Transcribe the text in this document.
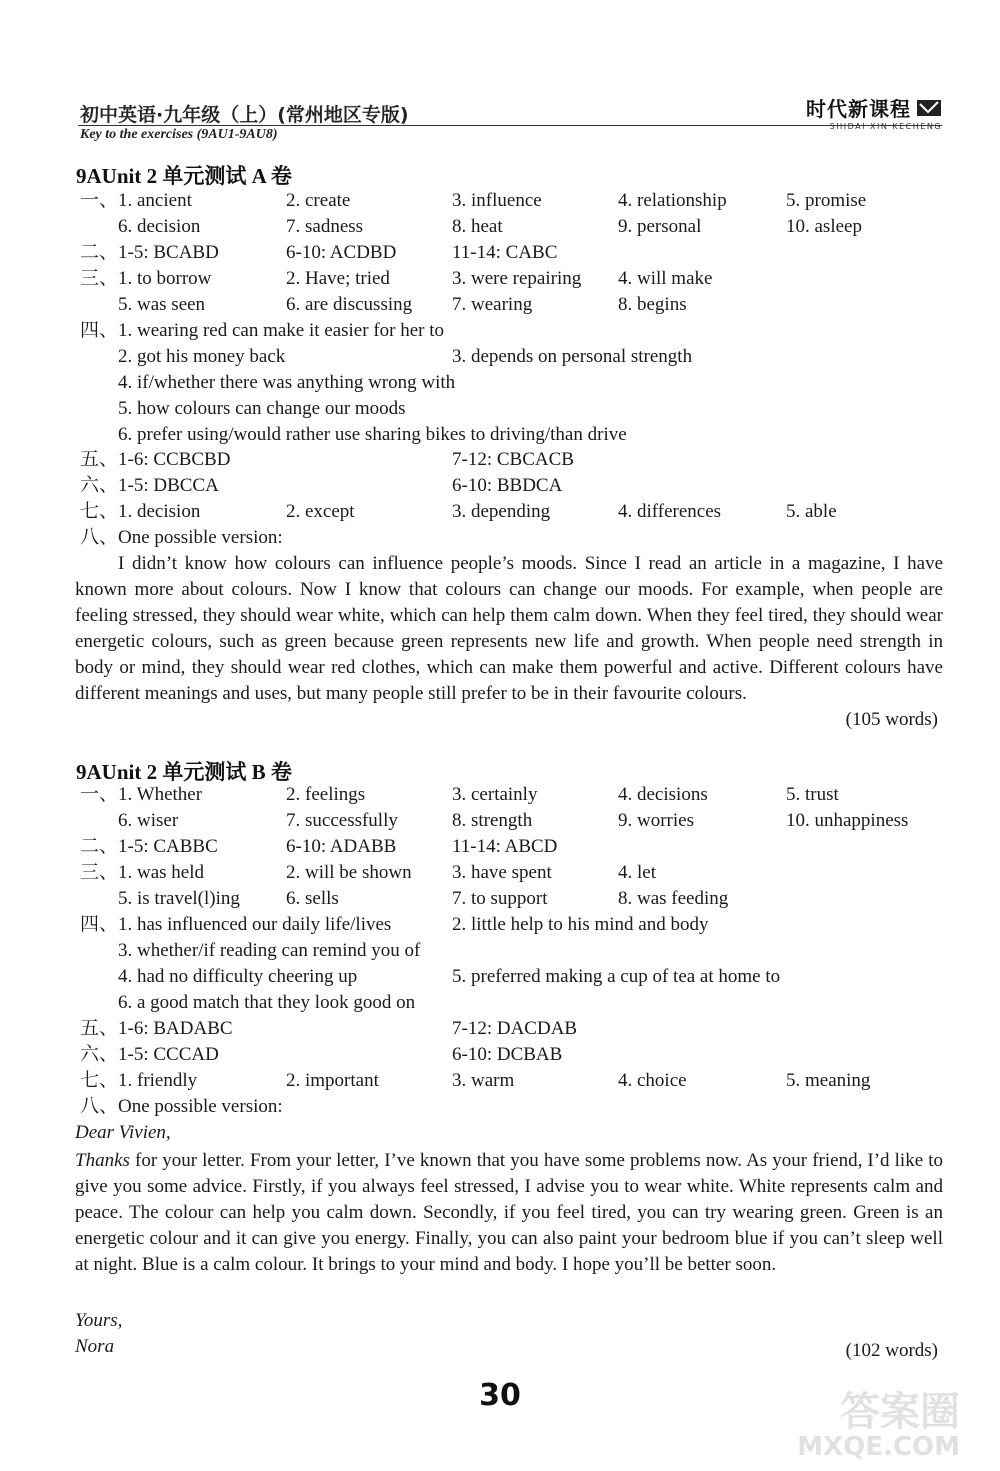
初中英语·九年级（上）(常州地区专版)
Key to the exercises (9AU1-9AU8)
时代新课程
SHIDAI XIN KECHENG
9AUnit 2 单元测试 A 卷
一、 1. ancient	2. create	3. influence	4. relationship	5. promise
6. decision	7. sadness	8. heat	9. personal	10. asleep
二、 1-5: BCABD	6-10: ACDBD	11-14: CABC
三、 1. to borrow	2. Have; tried	3. were repairing 4. will make
5. was seen	6. are discussing 7. wearing	8. begins
四、 1. wearing red can make it easier for her to
2. got his money back	3. depends on personal strength
4. if/whether there was anything wrong with
5. how colours can change our moods
6. prefer using/would rather use sharing bikes to driving/than drive
五、 1-6: CCBCBD	7-12: CBCACB
六、 1-5: DBCCA	6-10: BBDCA
七、 1. decision	2. except	3. depending	4. differences	5. able
八、 One possible version:

I didn’t know how colours can influence people’s moods. Since I read an article in a magazine, I have known more about colours. Now I know that colours can change our moods. For example, when people are feeling stressed, they should wear white, which can help them calm down. When they feel tired, they should wear energetic colours, such as green because green represents new life and growth. When people need strength in body or mind, they should wear red clothes, which can make them powerful and active. Different colours have different meanings and uses, but many people still prefer to be in their favourite colours.

(105 words)
9AUnit 2 单元测试 B 卷
一、 1. Whether	2. feelings	3. certainly	4. decisions	5. trust
6. wiser	7. successfully	8. strength	9. worries	10. unhappiness
二、 1-5: CABBC	6-10: ADABB	11-14: ABCD
三、 1. was held	2. will be shown 3. have spent	4. let
5. is travel(l)ing 6. sells	7. to support	8. was feeding
四、 1. has influenced our daily life/lives	2. little help to his mind and body
3. whether/if reading can remind you of
4. had no difficulty cheering up	5. preferred making a cup of tea at home to
6. a good match that they look good on
五、 1-6: BADABC	7-12: DACDAB
六、 1-5: CCCAD	6-10: DCBAB
七、 1. friendly	2. important	3. warm	4. choice	5. meaning
八、 One possible version:
Dear Vivien,

Thanks for your letter. From your letter, I’ve known that you have some problems now. As your friend, I’d like to give you some advice. Firstly, if you always feel stressed, I advise you to wear white. White represents calm and peace. The colour can help you calm down. Secondly, if you feel tired, you can try wearing green. Green is an energetic colour and it can give you energy. Finally, you can also paint your bedroom blue if you can’t sleep well at night. Blue is a calm colour. It brings to your mind and body. I hope you’ll be better soon.

Yours,
Nora	(102 words)
30	答案圈
MXQE.COM
